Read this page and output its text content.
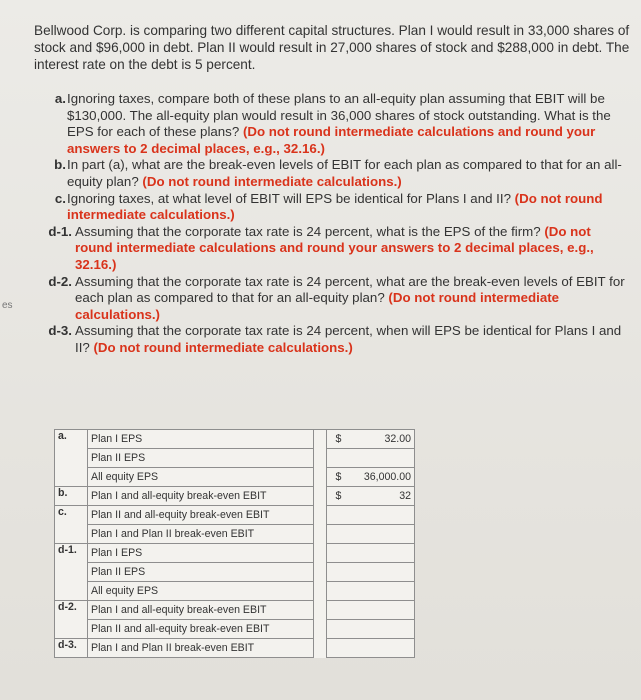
es

Bellwood Corp. is comparing two different capital structures. Plan I would result in 33,000 shares of stock and $96,000 in debt. Plan II would result in 27,000 shares of stock and $288,000 in debt. The interest rate on the debt is 5 percent.

a. Ignoring taxes, compare both of these plans to an all-equity plan assuming that EBIT will be $130,000. The all-equity plan would result in 36,000 shares of stock outstanding. What is the EPS for each of these plans? (Do not round intermediate calculations and round your answers to 2 decimal places, e.g., 32.16.)
b. In part (a), what are the break-even levels of EBIT for each plan as compared to that for an all-equity plan? (Do not round intermediate calculations.)
c. Ignoring taxes, at what level of EBIT will EPS be identical for Plans I and II? (Do not round intermediate calculations.)
d-1. Assuming that the corporate tax rate is 24 percent, what is the EPS of the firm? (Do not round intermediate calculations and round your answers to 2 decimal places, e.g., 32.16.)
d-2. Assuming that the corporate tax rate is 24 percent, what are the break-even levels of EBIT for each plan as compared to that for an all-equity plan? (Do not round intermediate calculations.)
d-3. Assuming that the corporate tax rate is 24 percent, when will EPS be identical for Plans I and II? (Do not round intermediate calculations.)
a.	Plan I EPS		$	32.00
	Plan II EPS			
	All equity EPS		$	36,000.00
b.	Plan I and all-equity break-even EBIT		$	32
c.	Plan II and all-equity break-even EBIT			
	Plan I and Plan II break-even EBIT			
d-1.	Plan I EPS			
	Plan II EPS			
	All equity EPS			
d-2.	Plan I and all-equity break-even EBIT			
	Plan II and all-equity break-even EBIT			
d-3.	Plan I and Plan II break-even EBIT			
